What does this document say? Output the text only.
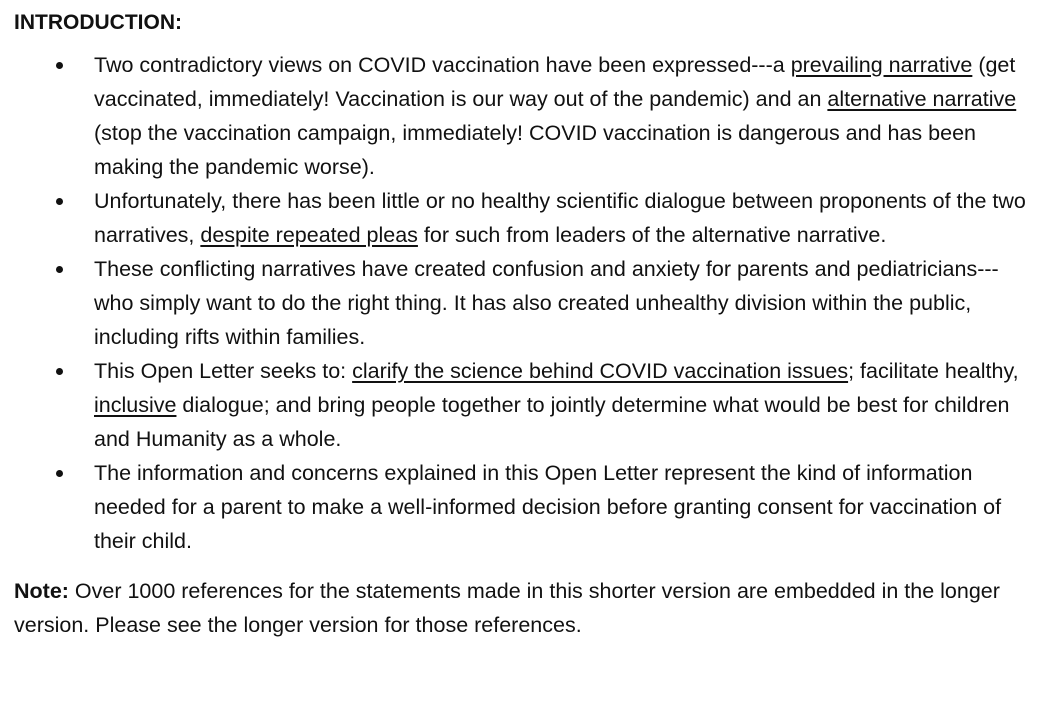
INTRODUCTION:
Two contradictory views on COVID vaccination have been expressed---a prevailing narrative (get vaccinated, immediately! Vaccination is our way out of the pandemic) and an alternative narrative (stop the vaccination campaign, immediately! COVID vaccination is dangerous and has been making the pandemic worse).
Unfortunately, there has been little or no healthy scientific dialogue between proponents of the two narratives, despite repeated pleas for such from leaders of the alternative narrative.
These conflicting narratives have created confusion and anxiety for parents and pediatricians---who simply want to do the right thing. It has also created unhealthy division within the public, including rifts within families.
This Open Letter seeks to: clarify the science behind COVID vaccination issues; facilitate healthy, inclusive dialogue; and bring people together to jointly determine what would be best for children and Humanity as a whole.
The information and concerns explained in this Open Letter represent the kind of information needed for a parent to make a well-informed decision before granting consent for vaccination of their child.

Note: Over 1000 references for the statements made in this shorter version are embedded in the longer version. Please see the longer version for those references.
